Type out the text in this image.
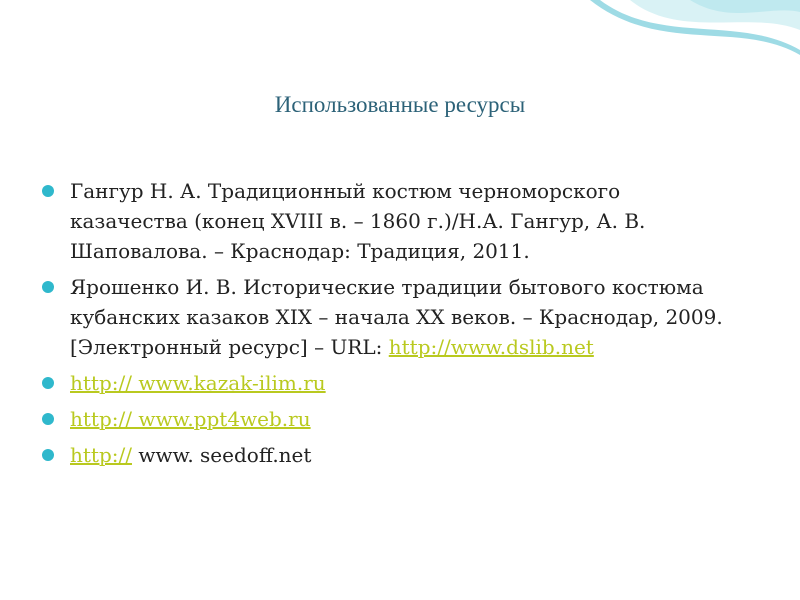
Использованные ресурсы
Гангур Н. А. Традиционный костюм черноморского казачества (конец XVIII в. – 1860 г.)/Н.А. Гангур, А. В. Шаповалова. – Краснодар: Традиция, 2011.
Ярошенко И. В. Исторические традиции бытового костюма кубанских казаков XIX – начала XX веков. – Краснодар, 2009. [Электронный ресурс] – URL: http://www.dslib.net
http:// www.kazak-ilim.ru
http:// www.ppt4web.ru
http:// www. seedoff.net
